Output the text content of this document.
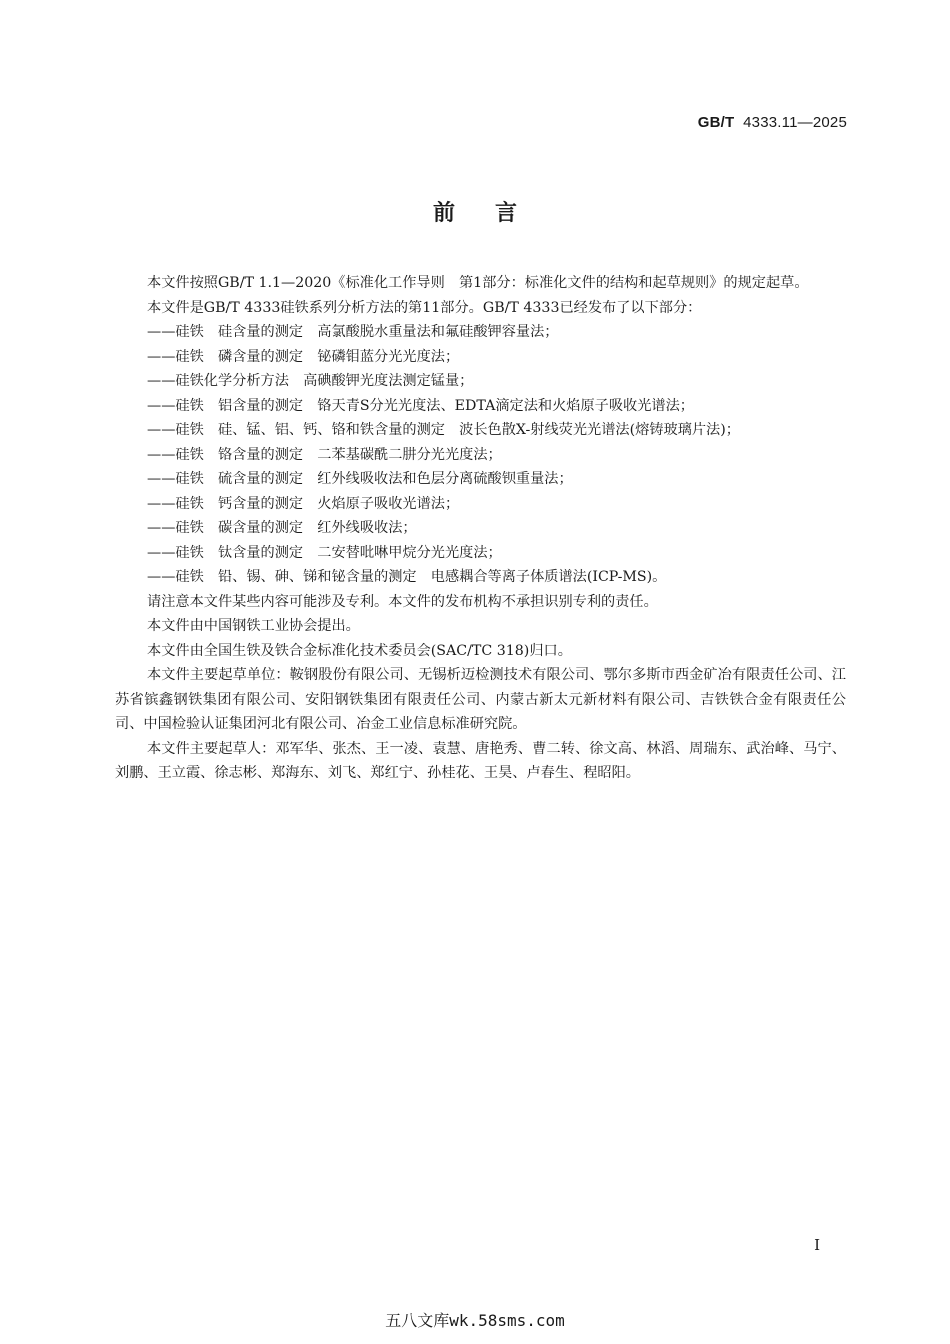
GB/T 4333.11—2025
前言

本文件按照GB/T 1.1—2020《标准化工作导则　第1部分：标准化文件的结构和起草规则》的规定起草。

本文件是GB/T 4333硅铁系列分析方法的第11部分。GB/T 4333已经发布了以下部分：

——硅铁　硅含量的测定　高氯酸脱水重量法和氟硅酸钾容量法；

——硅铁　磷含量的测定　铋磷钼蓝分光光度法；

——硅铁化学分析方法　高碘酸钾光度法测定锰量；

——硅铁　铝含量的测定　铬天青S分光光度法、EDTA滴定法和火焰原子吸收光谱法；

——硅铁　硅、锰、铝、钙、铬和铁含量的测定　波长色散X-射线荧光光谱法(熔铸玻璃片法)；

——硅铁　铬含量的测定　二苯基碳酰二肼分光光度法；

——硅铁　硫含量的测定　红外线吸收法和色层分离硫酸钡重量法；

——硅铁　钙含量的测定　火焰原子吸收光谱法；

——硅铁　碳含量的测定　红外线吸收法；

——硅铁　钛含量的测定　二安替吡啉甲烷分光光度法；

——硅铁　铅、锡、砷、锑和铋含量的测定　电感耦合等离子体质谱法(ICP-MS)。

请注意本文件某些内容可能涉及专利。本文件的发布机构不承担识别专利的责任。

本文件由中国钢铁工业协会提出。

本文件由全国生铁及铁合金标准化技术委员会(SAC/TC 318)归口。

本文件主要起草单位：鞍钢股份有限公司、无锡析迈检测技术有限公司、鄂尔多斯市西金矿冶有限责任公司、江苏省镔鑫钢铁集团有限公司、安阳钢铁集团有限责任公司、内蒙古新太元新材料有限公司、吉铁铁合金有限责任公司、中国检验认证集团河北有限公司、冶金工业信息标准研究院。

本文件主要起草人：邓军华、张杰、王一凌、袁慧、唐艳秀、曹二转、徐文高、林滔、周瑞东、武治峰、马宁、刘鹏、王立霞、徐志彬、郑海东、刘飞、郑红宁、孙桂花、王昊、卢春生、程昭阳。

I
五八文库wk.58sms.com
